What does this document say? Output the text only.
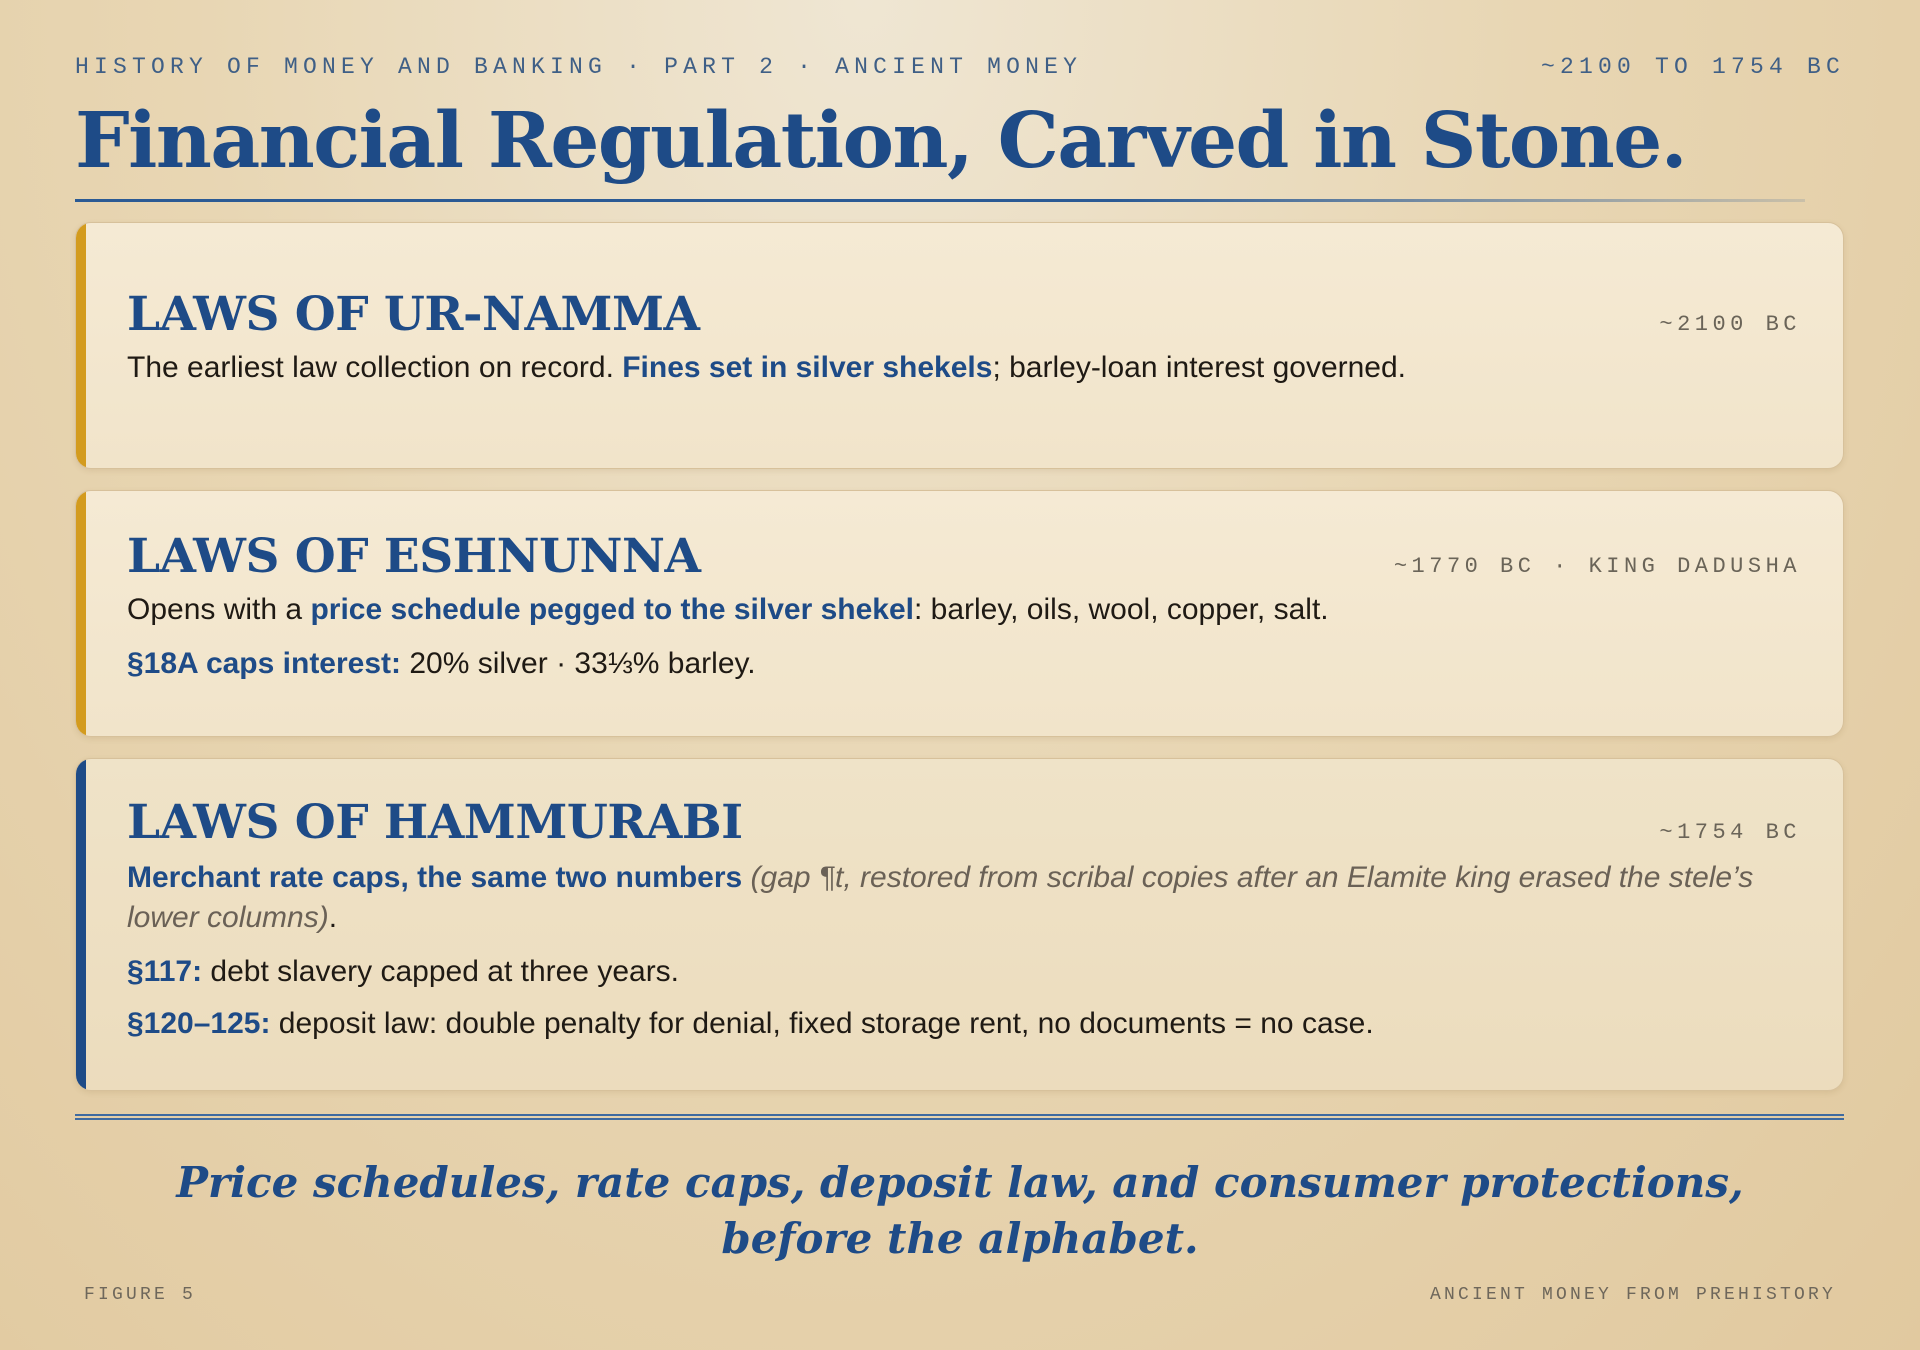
HISTORY OF MONEY AND BANKING · PART 2 · ANCIENT MONEY	~2100 TO 1754 BC
Financial Regulation, Carved in Stone.
LAWS OF UR-NAMMA	~2100 BC
The earliest law collection on record. Fines set in silver shekels; barley-loan interest governed.
LAWS OF ESHNUNNA	~1770 BC · KING DADUSHA
Opens with a price schedule pegged to the silver shekel: barley, oils, wool, copper, salt.
§18A caps interest: 20% silver · 33⅓% barley.
LAWS OF HAMMURABI	~1754 BC
Merchant rate caps, the same two numbers (gap ¶t, restored from scribal copies after an Elamite king erased the stele’s lower columns).
§117: debt slavery capped at three years.
§120–125: deposit law: double penalty for denial, fixed storage rent, no documents = no case.
Price schedules, rate caps, deposit law, and consumer protections,
before the alphabet.
FIGURE 5	ANCIENT MONEY FROM PREHISTORY
